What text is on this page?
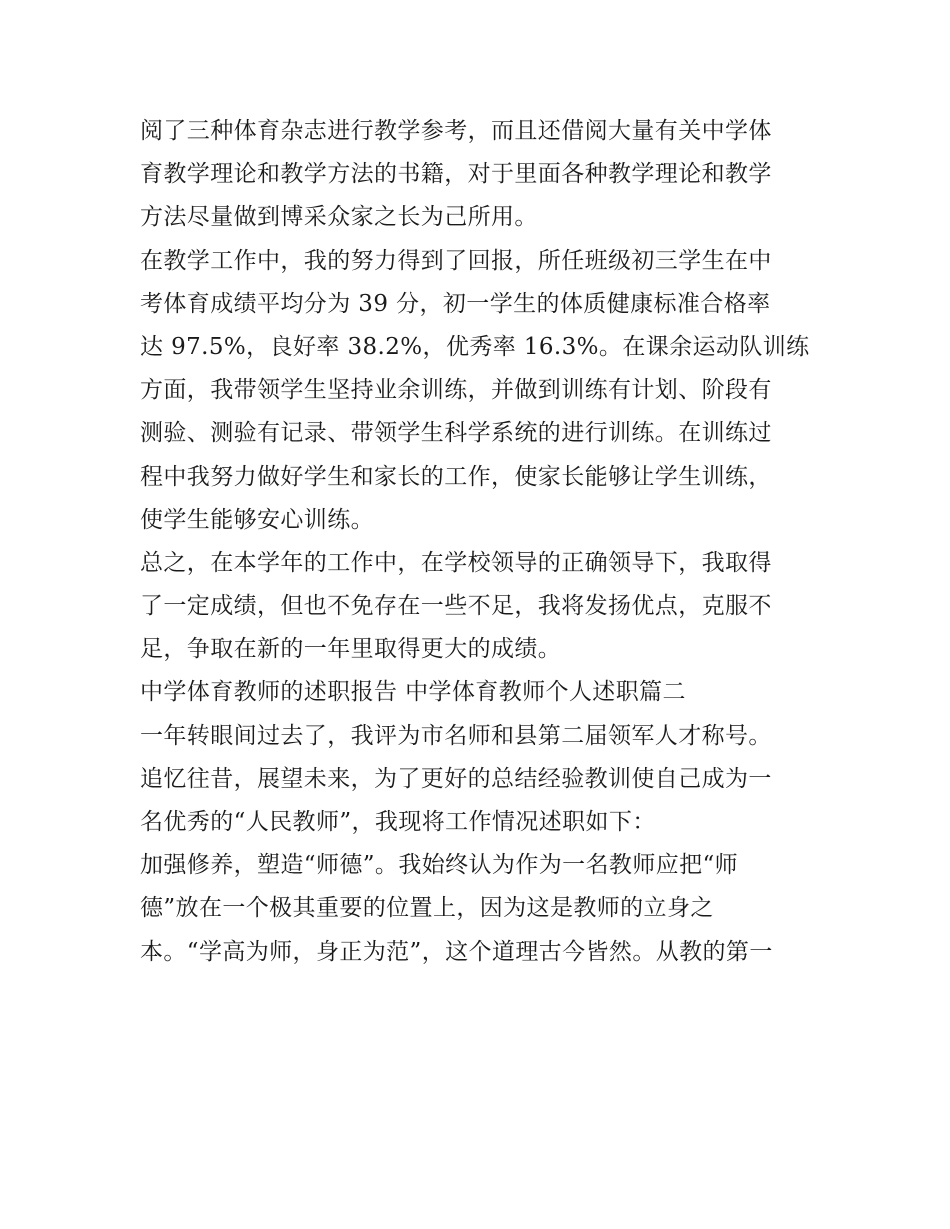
阅了三种体育杂志进行教学参考，而且还借阅大量有关中学体
育教学理论和教学方法的书籍，对于里面各种教学理论和教学
方法尽量做到博采众家之长为己所用。
在教学工作中，我的努力得到了回报，所任班级初三学生在中
考体育成绩平均分为 39 分，初一学生的体质健康标准合格率
达 97.5%，良好率 38.2%，优秀率 16.3%。在课余运动队训练
方面，我带领学生坚持业余训练，并做到训练有计划、阶段有
测验、测验有记录、带领学生科学系统的进行训练。在训练过
程中我努力做好学生和家长的工作，使家长能够让学生训练，
使学生能够安心训练。
总之，在本学年的工作中，在学校领导的正确领导下，我取得
了一定成绩，但也不免存在一些不足，我将发扬优点，克服不
足，争取在新的一年里取得更大的成绩。
中学体育教师的述职报告 中学体育教师个人述职篇二
一年转眼间过去了，我评为市名师和县第二届领军人才称号。
追忆往昔，展望未来，为了更好的总结经验教训使自己成为一
名优秀的“人民教师”，我现将工作情况述职如下：
加强修养，塑造“师德”。我始终认为作为一名教师应把“师
德”放在一个极其重要的位置上，因为这是教师的立身之
本。“学高为师，身正为范”，这个道理古今皆然。从教的第一
